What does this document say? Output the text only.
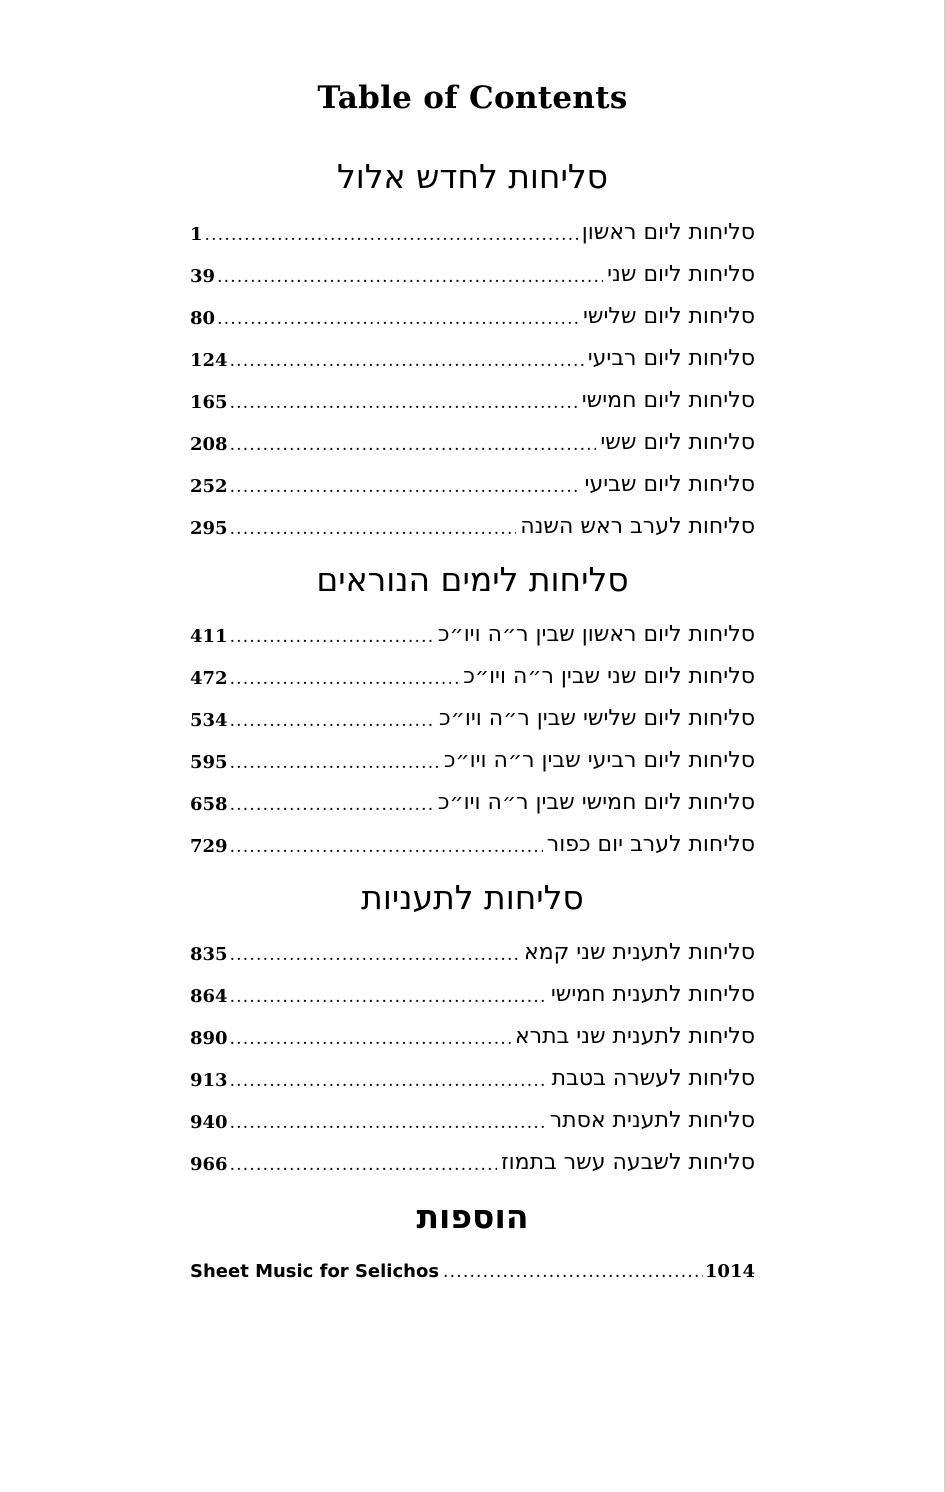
Table of Contents
סליחות לחדש אלול
1 .....	סליחות ליום ראשון
39 .....	סליחות ליום שני
80 .....	סליחות ליום שלישי
124 .....	סליחות ליום רביעי
165 .....	סליחות ליום חמישי
208 .....	סליחות ליום ששי
252 .....	סליחות ליום שביעי
295 .....	סליחות לערב ראש השנה
סליחות לימים הנוראים
411 .....	סליחות ליום ראשון שבין ר״ה ויו״כ
472 .....	סליחות ליום שני שבין ר״ה ויו״כ
534 .....	סליחות ליום שלישי שבין ר״ה ויו״כ
595 .....	סליחות ליום רביעי שבין ר״ה ויו״כ
658 .....	סליחות ליום חמישי שבין ר״ה ויו״כ
729 .....	סליחות לערב יום כפור
סליחות לתעניות
835 .....	סליחות לתענית שני קמא
864 .....	סליחות לתענית חמישי
890 .....	סליחות לתענית שני בתרא
913 .....	סליחות לעשרה בטבת
940 .....	סליחות לתענית אסתר
966 .....	סליחות לשבעה עשר בתמוז
הוספות
Sheet Music for Selichos .....	1014
